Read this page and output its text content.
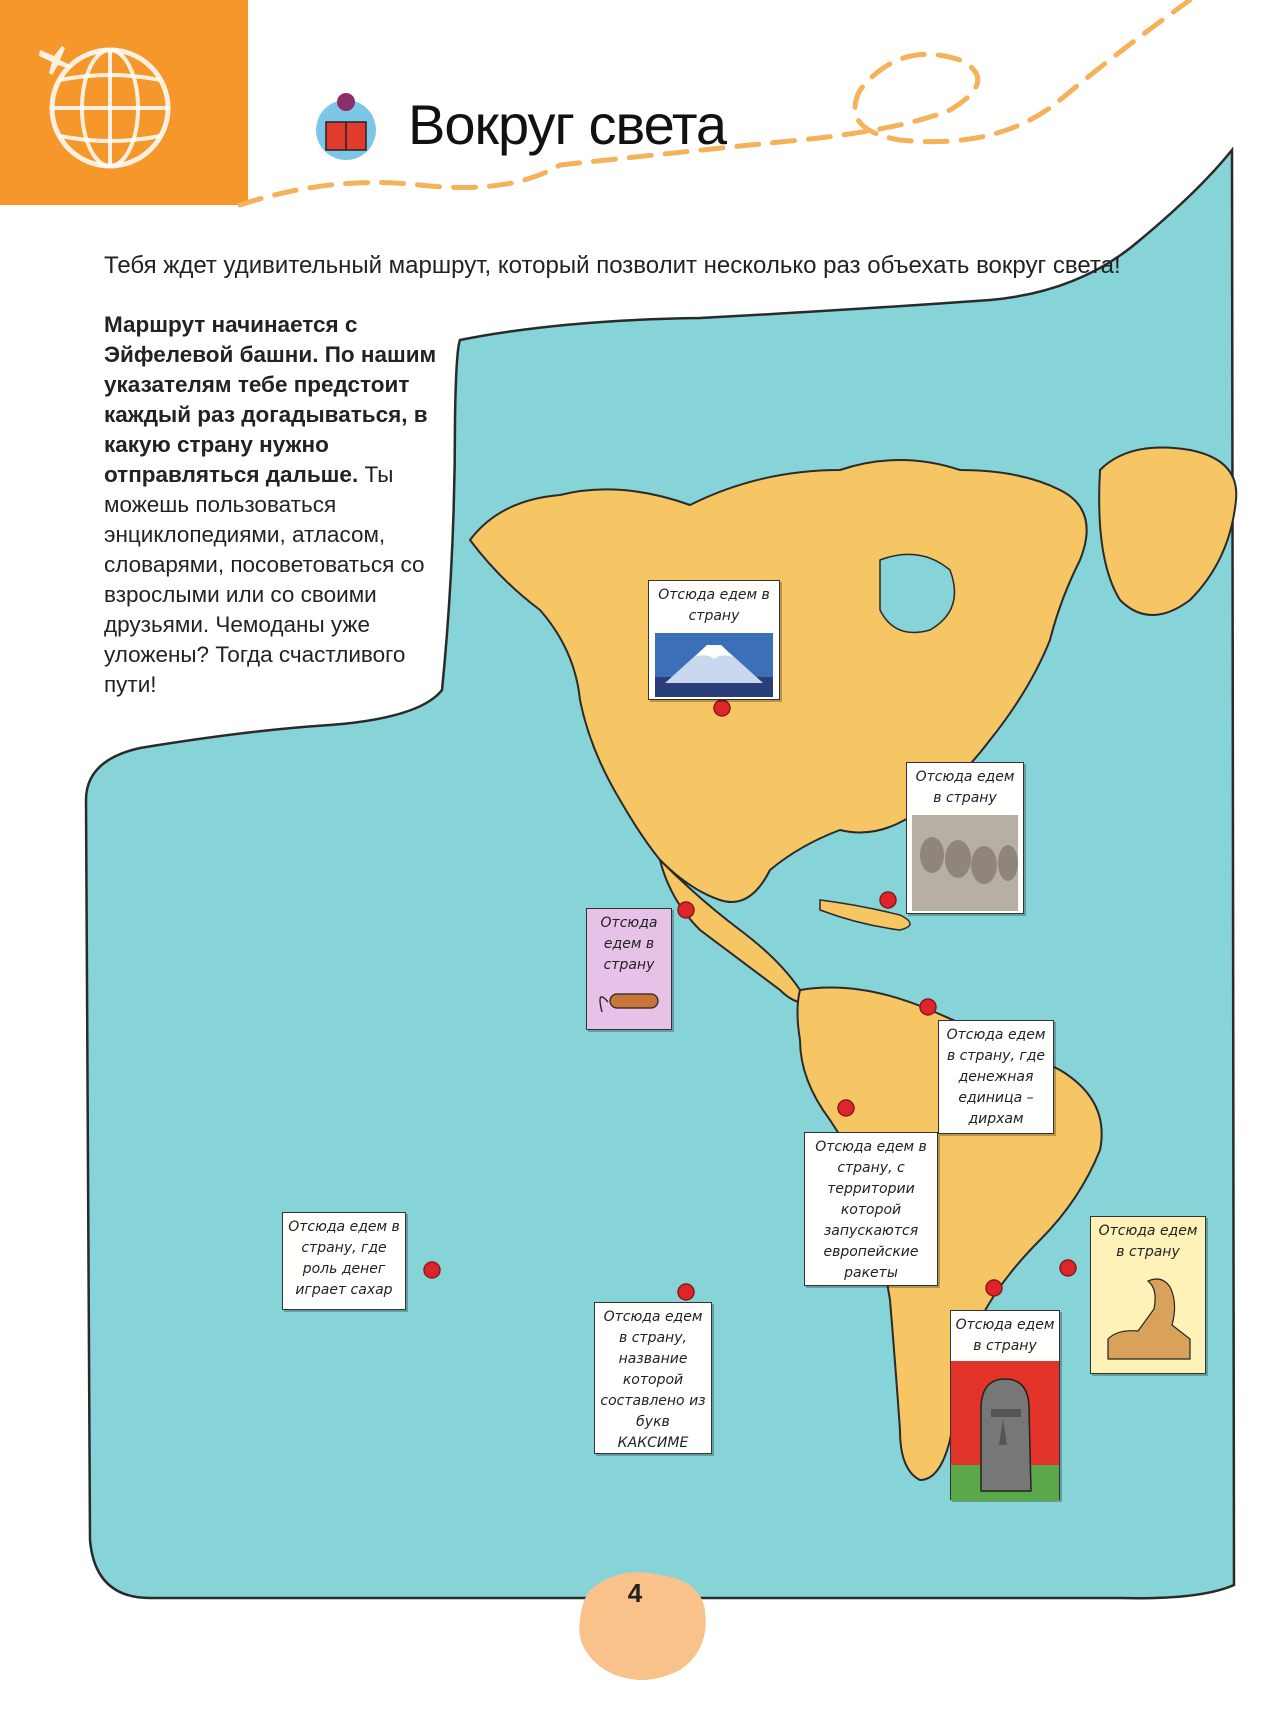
Вокруг света
Тебя ждет удивительный маршрут, который позволит несколько раз объехать вокруг света!
Маршрут начинается с Эйфелевой башни. По нашим указателям тебе предстоит каждый раз догадываться, в какую страну нужно отправляться дальше. Ты можешь пользоваться энциклопедиями, атласом, словарями, посоветоваться со взрослыми или со своими друзьями. Чемоданы уже уложены? Тогда счастливого пути!
Отсюда едем в страну
Отсюда едем в страну
Отсюда едем в страну
Отсюда едем в страну, где денежная единица – дирхам
Отсюда едем в страну, с территории которой запускаются европейские ракеты
Отсюда едем в страну, где роль денег играет сахар
Отсюда едем в страну, название которой составлено из букв КАКСИМЕ
Отсюда едем в страну
Отсюда едем в страну
4
